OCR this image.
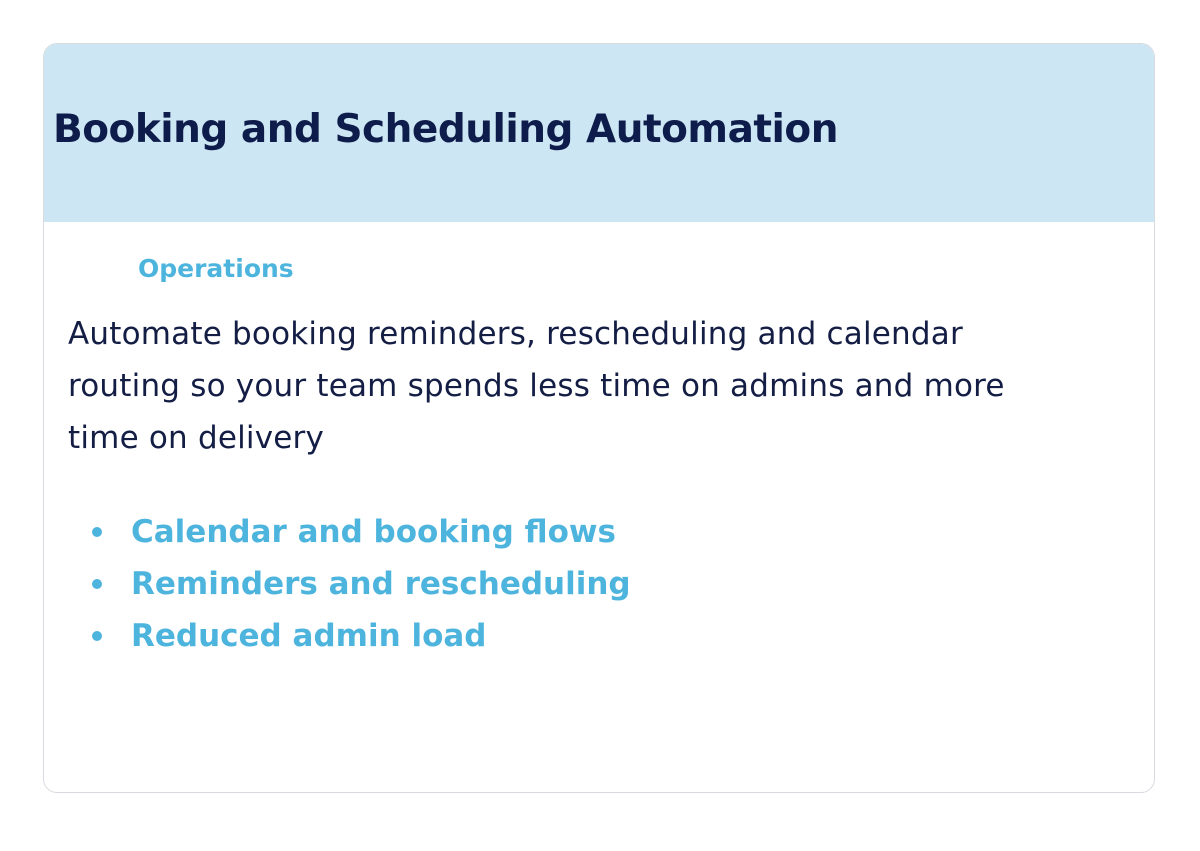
Booking and Scheduling Automation
Operations

Automate booking reminders, rescheduling and calendar routing so your team spends less time on admins and more time on delivery

Calendar and booking flows
Reminders and rescheduling
Reduced admin load
